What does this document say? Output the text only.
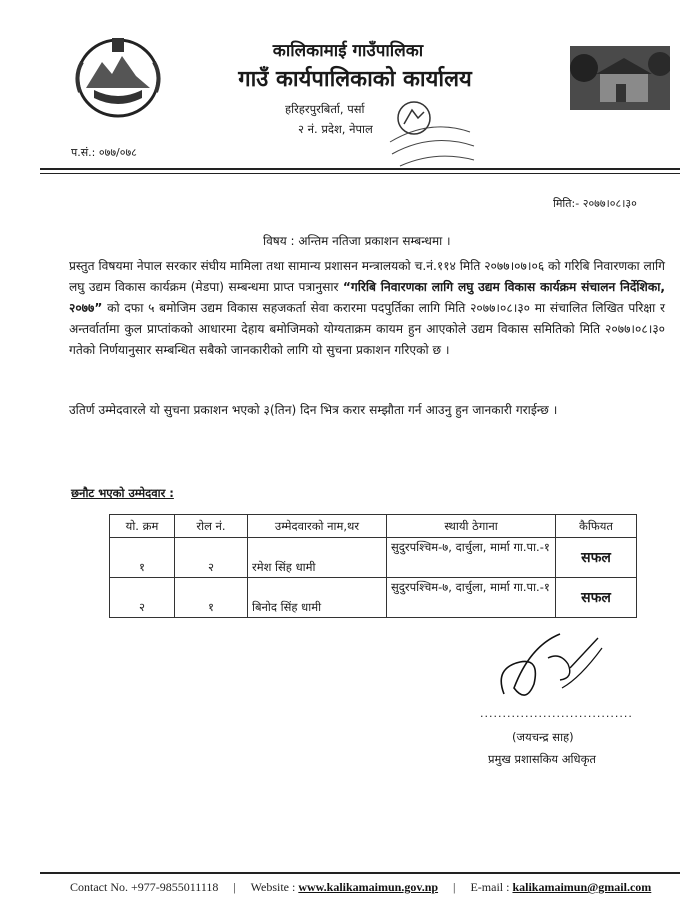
कालिकामाई गाउँपालिका
गाउँ कार्यपालिकाको कार्यालय
हरिहरपुरबिर्ता, पर्सा
२ नं. प्रदेश, नेपाल
प.सं.: ०७७/०७८
मिति:- २०७७।०८।३०
विषय : अन्तिम नतिजा प्रकाशन सम्बन्धमा ।
प्रस्तुत विषयमा नेपाल सरकार संघीय मामिला तथा सामान्य प्रशासन मन्त्रालयको च.नं.११४ मिति २०७७।०७।०६ को गरिबि निवारणका लागि लघु उद्यम विकास कार्यक्रम (मेडपा) सम्बन्धमा प्राप्त पत्रानुसार “गरिबि निवारणका लागि लघु उद्यम विकास कार्यक्रम संचालन निर्देशिका, २०७७” को दफा ५ बमोजिम उद्यम विकास सहजकर्ता सेवा करारमा पदपुर्तिका लागि मिति २०७७।०८।३० मा संचालित लिखित परिक्षा र अन्तर्वार्तामा कुल प्राप्तांकको आधारमा देहाय बमोजिमको योग्यताक्रम कायम हुन आएकोले उद्यम विकास समितिको मिति २०७७।०८।३० गतेको निर्णयानुसार सम्बन्धित सबैको जानकारीको लागि यो सुचना प्रकाशन गरिएको छ ।
उतिर्ण उम्मेदवारले यो सुचना प्रकाशन भएको ३(तिन) दिन भित्र करार सम्झौता गर्न आउनु हुन जानकारी गराईन्छ ।
छनौट भएको उम्मेदवार :
यो. क्रम	रोल नं.	उम्मेदवारको नाम,थर	स्थायी ठेगाना	कैफियत
१	२	रमेश सिंह धामी	सुदुरपश्चिम-७, दार्चुला, मार्मा गा.पा.-१	सफल
२	१	बिनोद सिंह धामी	सुदुरपश्चिम-७, दार्चुला, मार्मा गा.पा.-१	सफल
..................................
(जयचन्द्र साह)
प्रमुख प्रशासकिय अधिकृत
Contact No. +977-9855011118 | Website : www.kalikamaimun.gov.np | E-mail : kalikamaimun@gmail.com
